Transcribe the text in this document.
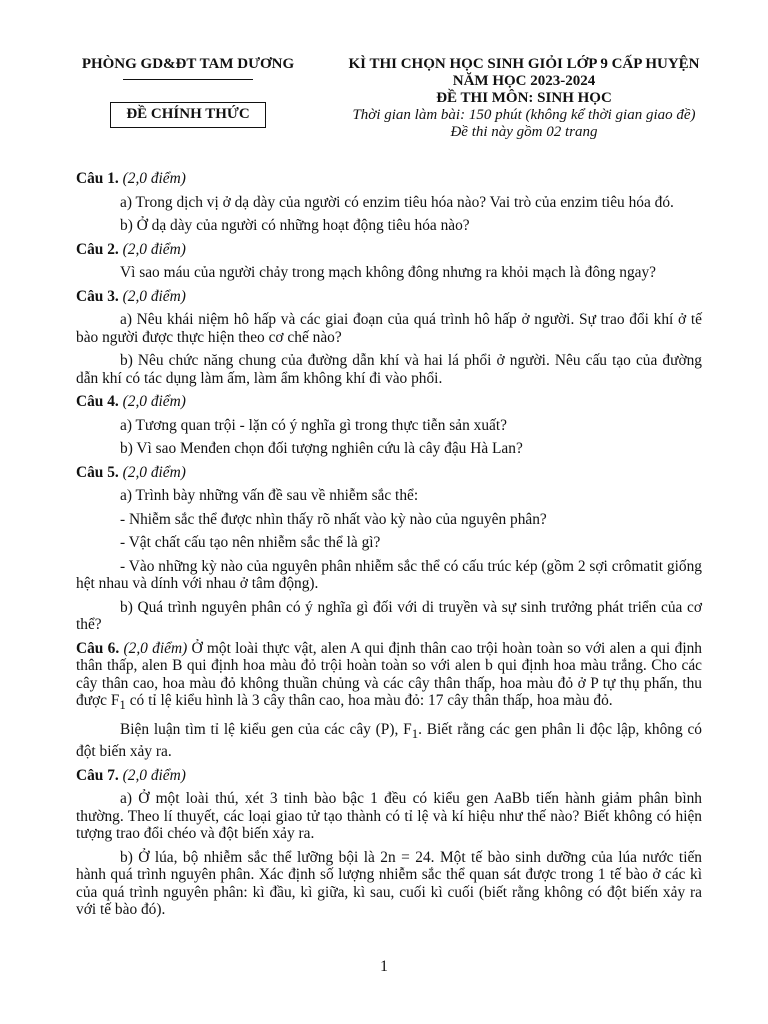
PHÒNG GD&ĐT TAM DƯƠNG
ĐỀ CHÍNH THỨC
KÌ THI CHỌN HỌC SINH GIỎI LỚP 9 CẤP HUYỆN
NĂM HỌC 2023-2024
ĐỀ THI MÔN: SINH HỌC
Thời gian làm bài: 150 phút (không kể thời gian giao đề)
Đề thi này gồm 02 trang
Câu 1. (2,0 điểm)

a) Trong dịch vị ở dạ dày của người có enzim tiêu hóa nào? Vai trò của enzim tiêu hóa đó.

b) Ở dạ dày của người có những hoạt động tiêu hóa nào?

Câu 2. (2,0 điểm)

Vì sao máu của người chảy trong mạch không đông nhưng ra khỏi mạch là đông ngay?

Câu 3. (2,0 điểm)

a) Nêu khái niệm hô hấp và các giai đoạn của quá trình hô hấp ở người. Sự trao đổi khí ở tế bào người được thực hiện theo cơ chế nào?

b) Nêu chức năng chung của đường dẫn khí và hai lá phổi ở người. Nêu cấu tạo của đường dẫn khí có tác dụng làm ấm, làm ẩm không khí đi vào phổi.

Câu 4. (2,0 điểm)

a) Tương quan trội - lặn có ý nghĩa gì trong thực tiễn sản xuất?

b) Vì sao Menđen chọn đối tượng nghiên cứu là cây đậu Hà Lan?

Câu 5. (2,0 điểm)

a) Trình bày những vấn đề sau về nhiễm sắc thể:

- Nhiễm sắc thể được nhìn thấy rõ nhất vào kỳ nào của nguyên phân?

- Vật chất cấu tạo nên nhiễm sắc thể là gì?

- Vào những kỳ nào của nguyên phân nhiễm sắc thể có cấu trúc kép (gồm 2 sợi crômatit giống hệt nhau và dính với nhau ở tâm động).

b) Quá trình nguyên phân có ý nghĩa gì đối với di truyền và sự sinh trưởng phát triển của cơ thể?

Câu 6. (2,0 điểm) Ở một loài thực vật, alen A qui định thân cao trội hoàn toàn so với alen a qui định thân thấp, alen B qui định hoa màu đỏ trội hoàn toàn so với alen b qui định hoa màu trắng. Cho các cây thân cao, hoa màu đỏ không thuần chủng và các cây thân thấp, hoa màu đỏ ở P tự thụ phấn, thu được $F_1$ có tỉ lệ kiểu hình là 3 cây thân cao, hoa màu đỏ: 17 cây thân thấp, hoa màu đỏ.

Biện luận tìm tỉ lệ kiểu gen của các cây (P), $F_1$. Biết rằng các gen phân li độc lập, không có đột biến xảy ra.

Câu 7. (2,0 điểm)

a) Ở một loài thú, xét 3 tinh bào bậc 1 đều có kiểu gen AaBb tiến hành giảm phân bình thường. Theo lí thuyết, các loại giao tử tạo thành có tỉ lệ và kí hiệu như thế nào? Biết không có hiện tượng trao đổi chéo và đột biến xảy ra.

b) Ở lúa, bộ nhiễm sắc thể lưỡng bội là 2n = 24. Một tế bào sinh dưỡng của lúa nước tiến hành quá trình nguyên phân. Xác định số lượng nhiễm sắc thể quan sát được trong 1 tế bào ở các kì của quá trình nguyên phân: kì đầu, kì giữa, kì sau, cuối kì cuối (biết rằng không có đột biến xảy ra với tế bào đó).

1
